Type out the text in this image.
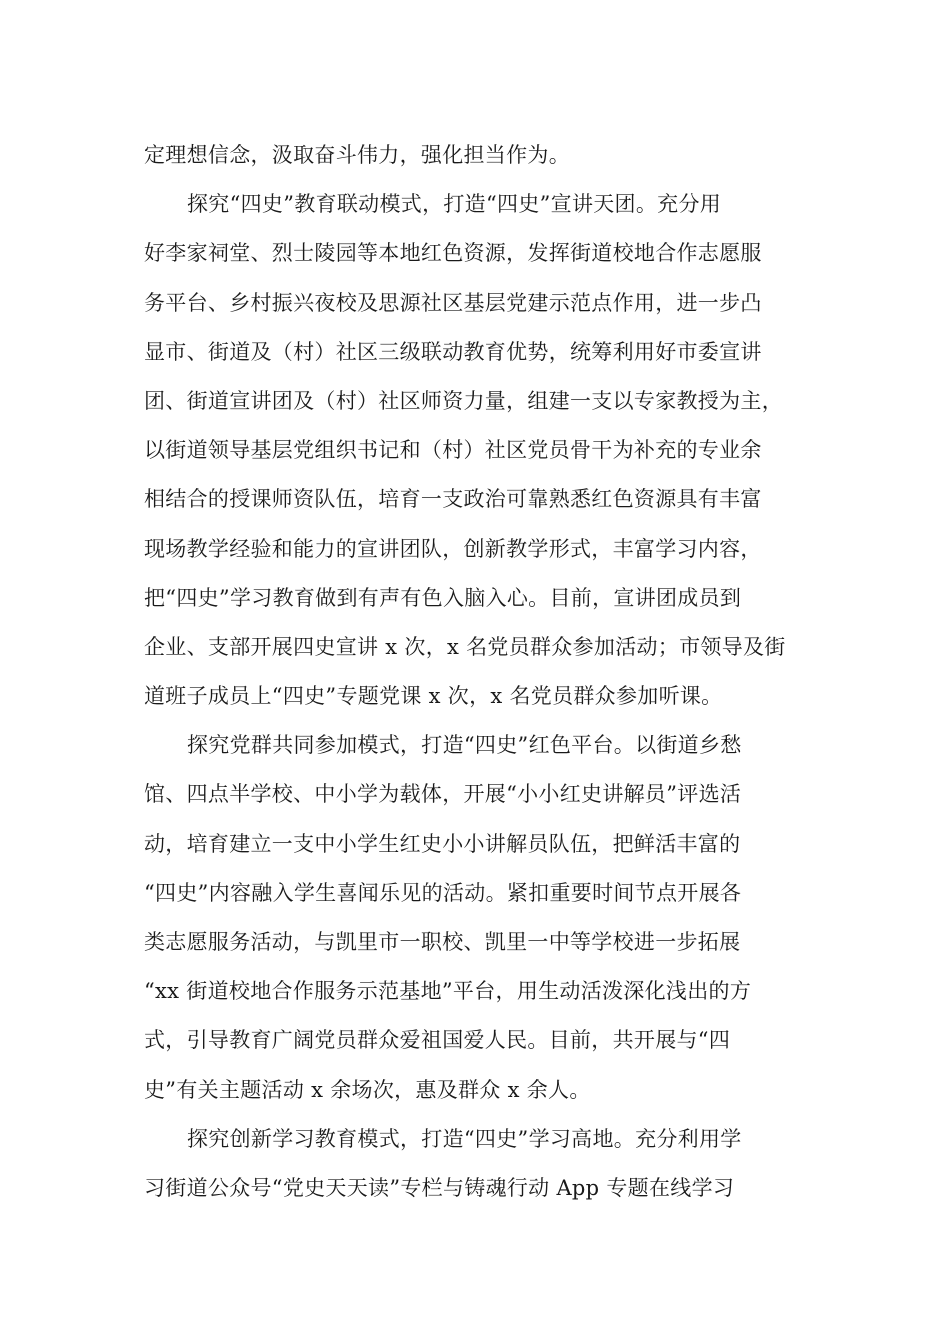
定理想信念，汲取奋斗伟力，强化担当作为。
探究“四史”教育联动模式，打造“四史”宣讲天团。充分用
好李家祠堂、烈士陵园等本地红色资源，发挥街道校地合作志愿服
务平台、乡村振兴夜校及思源社区基层党建示范点作用，进一步凸
显市、街道及（村）社区三级联动教育优势，统筹利用好市委宣讲
团、街道宣讲团及（村）社区师资力量，组建一支以专家教授为主，
以街道领导基层党组织书记和（村）社区党员骨干为补充的专业余
相结合的授课师资队伍，培育一支政治可靠熟悉红色资源具有丰富
现场教学经验和能力的宣讲团队，创新教学形式，丰富学习内容，
把“四史”学习教育做到有声有色入脑入心。目前，宣讲团成员到
企业、支部开展四史宣讲 x 次，x 名党员群众参加活动；市领导及街
道班子成员上“四史”专题党课 x 次，x 名党员群众参加听课。
探究党群共同参加模式，打造“四史”红色平台。以街道乡愁
馆、四点半学校、中小学为载体，开展“小小红史讲解员”评选活
动，培育建立一支中小学生红史小小讲解员队伍，把鲜活丰富的
“四史”内容融入学生喜闻乐见的活动。紧扣重要时间节点开展各
类志愿服务活动，与凯里市一职校、凯里一中等学校进一步拓展
“xx 街道校地合作服务示范基地”平台，用生动活泼深化浅出的方
式，引导教育广阔党员群众爱祖国爱人民。目前，共开展与“四
史”有关主题活动 x 余场次，惠及群众 x 余人。
探究创新学习教育模式，打造“四史”学习高地。充分利用学
习街道公众号“党史天天读”专栏与铸魂行动 App 专题在线学习
